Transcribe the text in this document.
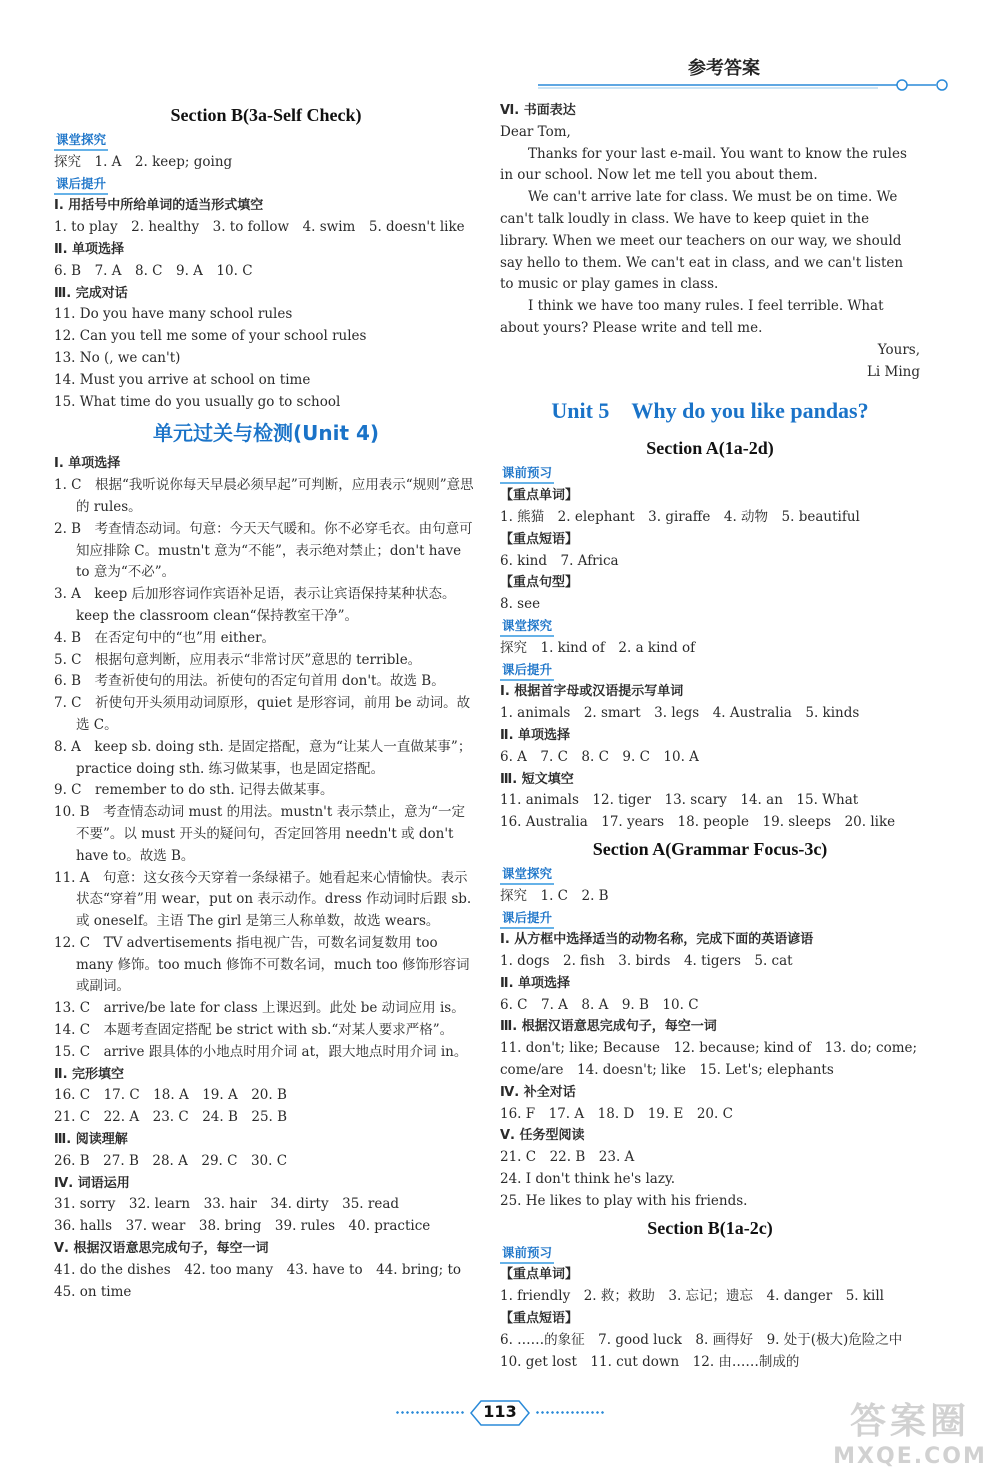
参考答案
Section B(3a-Self Check)
课堂探究
探究　1. A　2. keep; going
课后提升
Ⅰ. 用括号中所给单词的适当形式填空
1. to play　2. healthy　3. to follow　4. swim　5. doesn't like
Ⅱ. 单项选择
6. B　7. A　8. C　9. A　10. C
Ⅲ. 完成对话
11. Do you have many school rules
12. Can you tell me some of your school rules
13. No (, we can't)
14. Must you arrive at school on time
15. What time do you usually go to school
单元过关与检测(Unit 4)
Ⅰ. 单项选择
1. C　根据“我听说你每天早晨必须早起”可判断，应用表示“规则”意思的 rules。
2. B　考查情态动词。句意：今天天气暖和。你不必穿毛衣。由句意可知应排除 C。mustn't 意为“不能”，表示绝对禁止；don't have to 意为“不必”。
3. A　keep 后加形容词作宾语补足语，表示让宾语保持某种状态。keep the classroom clean“保持教室干净”。
4. B　在否定句中的“也”用 either。
5. C　根据句意判断，应用表示“非常讨厌”意思的 terrible。
6. B　考查祈使句的用法。祈使句的否定句首用 don't。故选 B。
7. C　祈使句开头须用动词原形，quiet 是形容词，前用 be 动词。故选 C。
8. A　keep sb. doing sth. 是固定搭配，意为“让某人一直做某事”；practice doing sth. 练习做某事，也是固定搭配。
9. C　remember to do sth. 记得去做某事。
10. B　考查情态动词 must 的用法。mustn't 表示禁止，意为“一定不要”。以 must 开头的疑问句，否定回答用 needn't 或 don't have to。故选 B。
11. A　句意：这女孩今天穿着一条绿裙子。她看起来心情愉快。表示状态“穿着”用 wear，put on 表示动作。dress 作动词时后跟 sb. 或 oneself。主语 The girl 是第三人称单数，故选 wears。
12. C　TV advertisements 指电视广告，可数名词复数用 too many 修饰。too much 修饰不可数名词，much too 修饰形容词或副词。
13. C　arrive/be late for class 上课迟到。此处 be 动词应用 is。
14. C　本题考查固定搭配 be strict with sb.“对某人要求严格”。
15. C　arrive 跟具体的小地点时用介词 at，跟大地点时用介词 in。
Ⅱ. 完形填空
16. C　17. C　18. A　19. A　20. B
21. C　22. A　23. C　24. B　25. B
Ⅲ. 阅读理解
26. B　27. B　28. A　29. C　30. C
Ⅳ. 词语运用
31. sorry　32. learn　33. hair　34. dirty　35. read
36. halls　37. wear　38. bring　39. rules　40. practice
Ⅴ. 根据汉语意思完成句子，每空一词
41. do the dishes　42. too many　43. have to　44. bring; to
45. on time
Ⅵ. 书面表达
Dear Tom,
Thanks for your last e-mail. You want to know the rules in our school. Now let me tell you about them.
We can't arrive late for class. We must be on time. We can't talk loudly in class. We have to keep quiet in the library. When we meet our teachers on our way, we should say hello to them. We can't eat in class, and we can't listen to music or play games in class.
I think we have too many rules. I feel terrible. What about yours? Please write and tell me.
Yours,
Li Ming
Unit 5　Why do you like pandas?
Section A(1a-2d)
课前预习
【重点单词】
1. 熊猫　2. elephant　3. giraffe　4. 动物　5. beautiful
【重点短语】
6. kind　7. Africa
【重点句型】
8. see
课堂探究
探究　1. kind of　2. a kind of
课后提升
Ⅰ. 根据首字母或汉语提示写单词
1. animals　2. smart　3. legs　4. Australia　5. kinds
Ⅱ. 单项选择
6. A　7. C　8. C　9. C　10. A
Ⅲ. 短文填空
11. animals　12. tiger　13. scary　14. an　15. What
16. Australia　17. years　18. people　19. sleeps　20. like
Section A(Grammar Focus-3c)
课堂探究
探究　1. C　2. B
课后提升
Ⅰ. 从方框中选择适当的动物名称，完成下面的英语谚语
1. dogs　2. fish　3. birds　4. tigers　5. cat
Ⅱ. 单项选择
6. C　7. A　8. A　9. B　10. C
Ⅲ. 根据汉语意思完成句子，每空一词
11. don't; like; Because　12. because; kind of　13. do; come; come/are　14. doesn't; like　15. Let's; elephants
Ⅳ. 补全对话
16. F　17. A　18. D　19. E　20. C
Ⅴ. 任务型阅读
21. C　22. B　23. A
24. I don't think he's lazy.
25. He likes to play with his friends.
Section B(1a-2c)
课前预习
【重点单词】
1. friendly　2. 救；救助　3. 忘记；遗忘　4. danger　5. kill
【重点短语】
6. ……的象征　7. good luck　8. 画得好　9. 处于(极大)危险之中　10. get lost　11. cut down　12. 由……制成的
113	答案圈
MXQE.COM
